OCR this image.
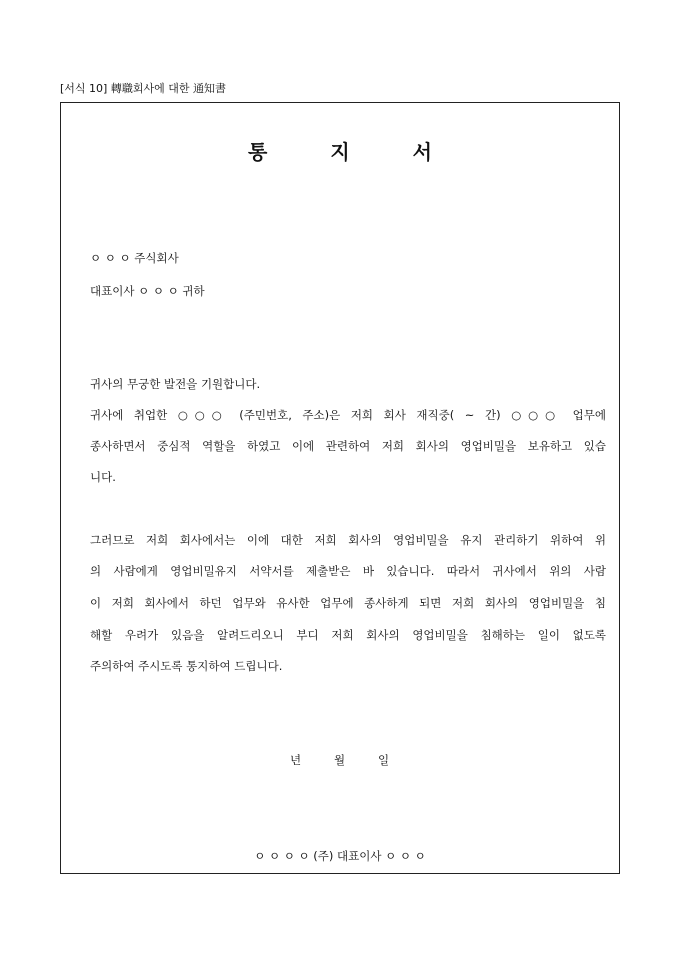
[서식 10] 轉職회사에 대한 通知書
통 지 서
ㅇ ㅇ ㅇ 주식회사
대표이사 ㅇ ㅇ ㅇ 귀하
귀사의 무궁한 발전을 기원합니다.
귀사에 취업한 ○○○ (주민번호, 주소)은 저희 회사 재직중( ~ 간) ○○○ 업무에
종사하면서 중심적 역할을 하였고 이에 관련하여 저희 회사의 영업비밀을 보유하고 있습
니다.
그러므로 저희 회사에서는 이에 대한 저희 회사의 영업비밀을 유지 관리하기 위하여 위
의 사람에게 영업비밀유지 서약서를 제출받은 바 있습니다. 따라서 귀사에서 위의 사람
이 저희 회사에서 하던 업무와 유사한 업무에 종사하게 되면 저희 회사의 영업비밀을 침
해할 우려가 있음을 알려드리오니 부디 저희 회사의 영업비밀을 침해하는 일이 없도록
주의하여 주시도록 통지하여 드립니다.
년	월	일
ㅇ ㅇ ㅇ ㅇ (주) 대표이사 ㅇ ㅇ ㅇ
